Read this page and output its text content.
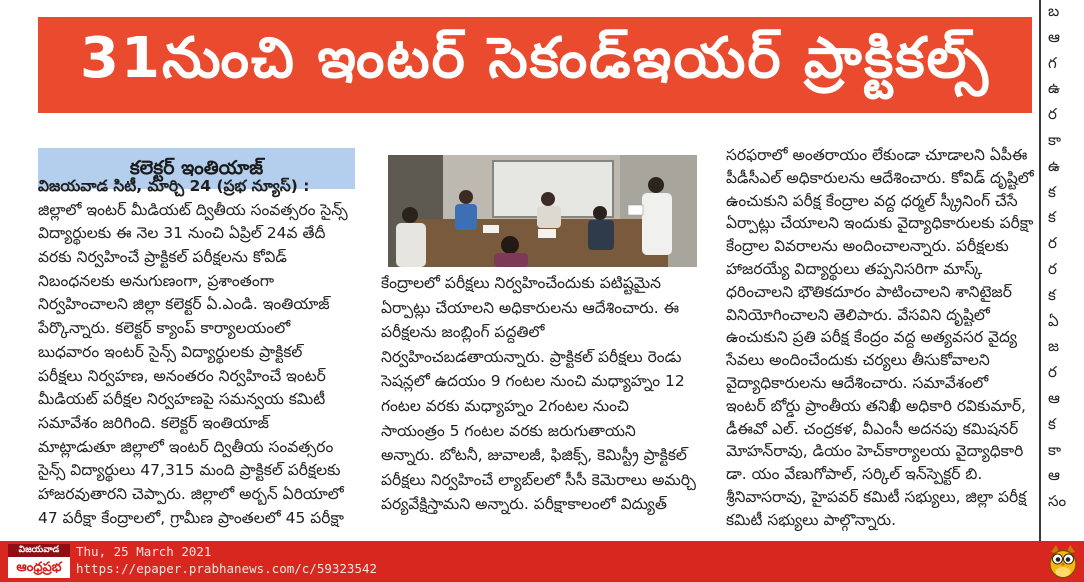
31నుంచి ఇంటర్ సెకండ్ఇయర్ ప్రాక్టికల్స్
కలెక్టర్ ఇంతియాజ్
విజయవాడ సిటీ, మార్చి 24 (ప్రభ న్యూస్) :
జిల్లాలో ఇంటర్ మీడియట్ ద్వితీయ సంవత్సరం సైన్స్
విద్యార్థులకు ఈ నెల 31 నుంచి ఏప్రిల్ 24వ తేదీ
వరకు నిర్వహించే ప్రాక్టికల్ పరీక్షలను కోవిడ్
నిబంధనలకు అనుగుణంగా, ప్రశాంతంగా
నిర్వహించాలని జిల్లా కలెక్టర్ ఏ.ఎండి. ఇంతియాజ్
పేర్కొన్నారు. కలెక్టర్ క్యాంప్ కార్యాలయంలో
బుధవారం ఇంటర్ సైన్స్ విద్యార్థులకు ప్రాక్టికల్
పరీక్షలు నిర్వహణ, అనంతరం నిర్వహించే ఇంటర్
మీడియట్ పరీక్షల నిర్వహణపై సమన్వయ కమిటీ
సమావేశం జరిగింది. కలెక్టర్ ఇంతియాజ్
మాట్లాడుతూ జిల్లాలో ఇంటర్ ద్వితీయ సంవత్సరం
సైన్స్ విద్యార్థులు 47,315 మంది ప్రాక్టికల్ పరీక్షలకు
హాజరవుతారని చెప్పారు. జిల్లాలో అర్బన్ ఏరియాలో
47 పరీక్షా కేంద్రాలలో, గ్రామీణ ప్రాంతలలో 45 పరీక్షా
కేంద్రాలలో పరీక్షలు నిర్వహించేందుకు పటిష్టమైన
ఏర్పాట్లు చేయాలని అధికారులను ఆదేశించారు. ఈ
పరీక్షలను జంబ్లింగ్ పద్దతిలో
నిర్వహించబడతాయన్నారు. ప్రాక్టికల్ పరీక్షలు రెండు
సెషన్లలో ఉదయం 9 గంటల నుంచి మధ్యాహ్నం 12
గంటల వరకు మధ్యాహ్నం 2గంటల నుంచి
సాయంత్రం 5 గంటల వరకు జరుగుతాయని
అన్నారు. బోటనీ, జువాలజీ, ఫిజిక్స్, కెమిస్ట్రీ ప్రాక్టికల్
పరీక్షలు నిర్వహించే ల్యాబ్‌లలో సీసీ కెమెరాలు అమర్చి
పర్యవేక్షిస్తామని అన్నారు. పరీక్షాకాలంలో విద్యుత్
సరఫరాలో అంతరాయం లేకుండా చూడాలని ఏపీఈ
పీడీసీఎల్ అధికారులను ఆదేశించారు. కోవిడ్ దృష్టిలో
ఉంచుకుని పరీక్ష కేంద్రాల వద్ద ధర్మల్ స్క్రీనింగ్ చేసే
ఏర్పాట్లు చేయాలని ఇందుకు వైద్యాధికారులకు పరీక్షా
కేంద్రాల వివరాలను అందించాలన్నారు. పరీక్షలకు
హాజరయ్యే విద్యార్థులు తప్పనిసరిగా మాస్క్
ధరించాలని భౌతికదూరం పాటించాలని శానిటైజర్
వినియోగించాలని తెలిపారు. వేసవిని దృష్టిలో
ఉంచుకుని ప్రతి పరీక్ష కేంద్రం వద్ద అత్యవసర వైద్య
సేవలు అందించేందుకు చర్యలు తీసుకోవాలని
వైద్యాధికారులను ఆదేశించారు. సమావేశంలో
ఇంటర్ బోర్డు ప్రాంతీయ తనిఖీ అధికారి రవికుమార్,
డీఈవో ఎల్. చంద్రకళ, వీఎంసీ అదనపు కమిషనర్
మోహన్‌రావు, డియం హెచ్‌కార్యాలయ వైద్యాధికారి
డా. యం వేణుగోపాల్, సర్కిల్ ఇన్‌స్పెక్టర్ బి.
శ్రీనివాసరావు, హైపవర్ కమిటీ సభ్యులు, జిల్లా పరీక్ష
కమిటీ సభ్యులు పాల్గొన్నారు.
బ
ఆ
గ
ఉ
ర
కా
ఉ
క
క
ర
ర
క
ఏ
జ
ర
ఆ
క
కా
ఆ
సం
విజయవాడ
ఆంధ్రప్రభ
Thu, 25 March 2021
https://epaper.prabhanews.com/c/59323542
